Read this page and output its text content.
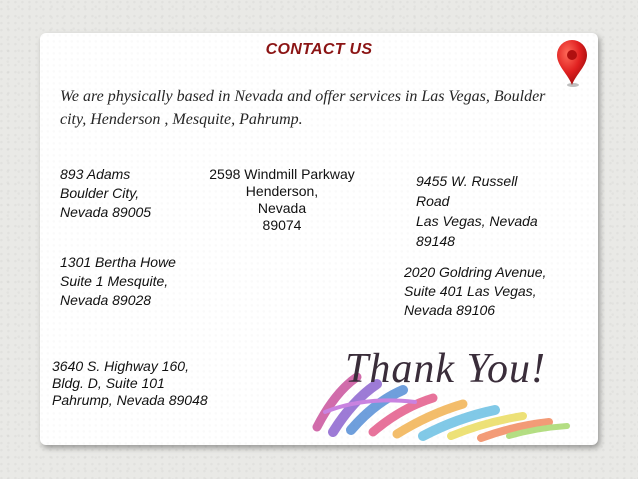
CONTACT US
We are physically based in Nevada and offer services in Las Vegas, Boulder city, Henderson , Mesquite, Pahrump.
893 Adams
Boulder City,
Nevada 89005
2598 Windmill Parkway
Henderson,
Nevada
89074
9455 W. Russell
Road
Las Vegas, Nevada
89148
1301 Bertha Howe
Suite 1 Mesquite,
Nevada 89028
2020 Goldring Avenue,
Suite 401 Las Vegas,
Nevada 89106
3640 S. Highway 160,
Bldg. D, Suite 101
Pahrump, Nevada 89048
Thank You!
